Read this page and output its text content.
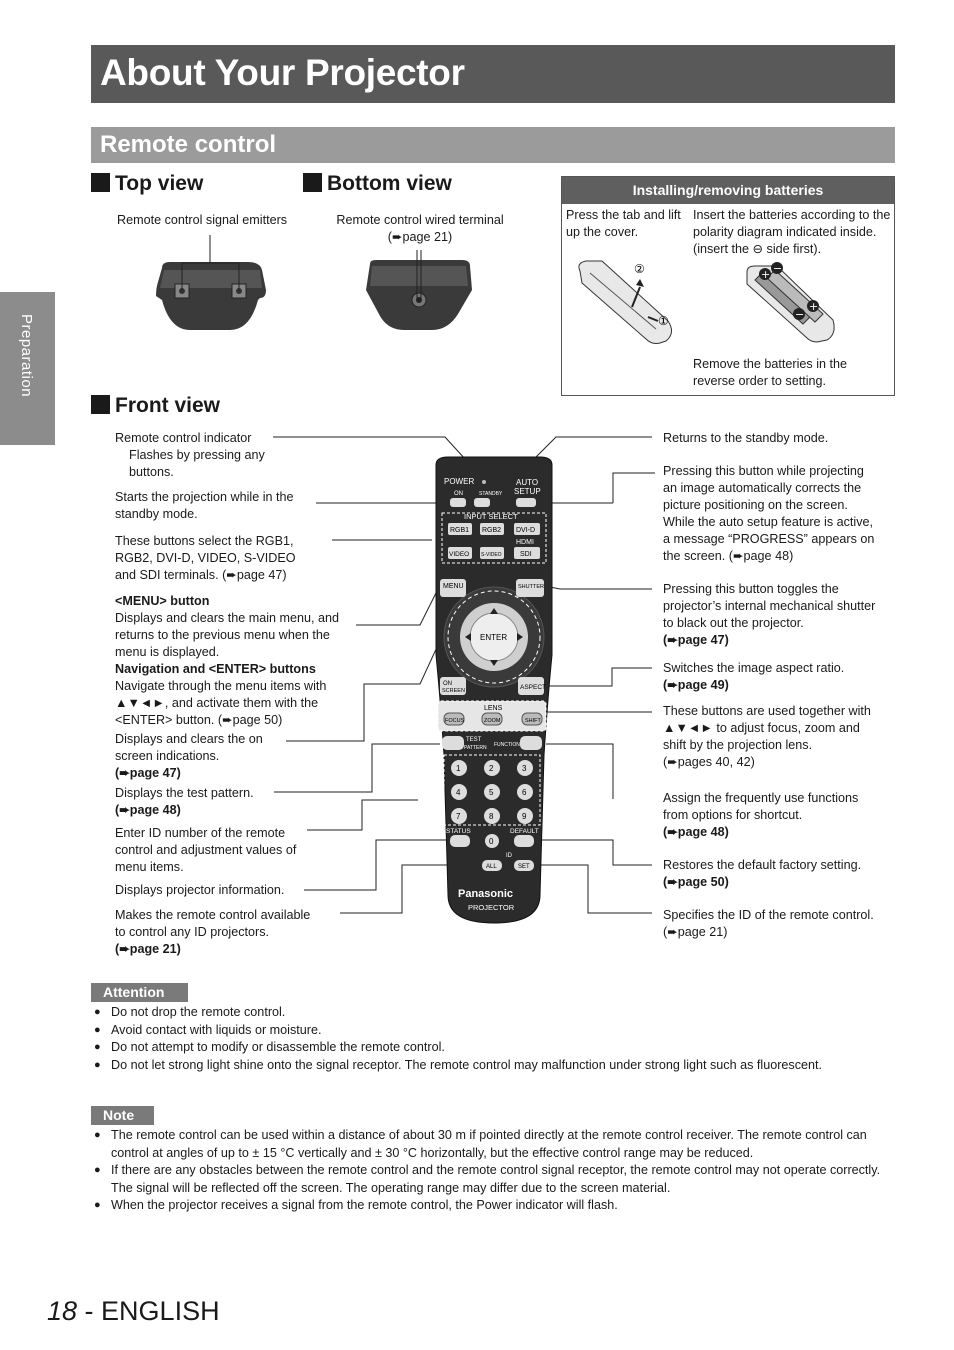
About Your Projector
Remote control
Preparation
Top view
Remote control signal emitters
Bottom view
Remote control wired terminal
(➨page 21)
Installing/removing batteries
Press the tab and lift up the cover.
Insert the batteries according to the polarity diagram indicated inside. (insert the ⊖ side first).
Remove the batteries in the reverse order to setting.
②
①
+ −
−
+
Front view
POWER
ON	STANDBY
AUTO
SETUP
INPUT SELECT
RGB1 RGB2 DVI-D
HDMI
VIDEO S-VIDEO	SDI
ENTER
MENU	SHUTTER
ON
SCREEN	ASPECT
LENS
FOCUS	ZOOM	SHIFT
TEST
PATTERN FUNCTION
1	2	3
4	5	6
7	8	9
STATUS	DEFAULT
0
ID
ALL	SET
Panasonic
PROJECTOR
Remote control indicator
Flashes by pressing any
buttons.
Starts the projection while in the
standby mode.
These buttons select the RGB1,
RGB2, DVI-D, VIDEO, S-VIDEO
and SDI terminals. (➨page 47)
<MENU> button
Displays and clears the main menu, and
returns to the previous menu when the
menu is displayed.
Navigation and <ENTER> buttons
Navigate through the menu items with
▲▼◄►, and activate them with the
<ENTER> button. (➨page 50)
Displays and clears the on
screen indications.
(➨page 47)
Displays the test pattern.
(➨page 48)
Enter ID number of the remote
control and adjustment values of
menu items.
Displays projector information.
Makes the remote control available
to control any ID projectors.
(➨page 21)
Returns to the standby mode.
Pressing this button while projecting
an image automatically corrects the
picture positioning on the screen.
While the auto setup feature is active,
a message “PROGRESS” appears on
the screen. (➨page 48)
Pressing this button toggles the
projector’s internal mechanical shutter
to black out the projector.
(➨page 47)
Switches the image aspect ratio.
(➨page 49)
These buttons are used together with
▲▼◄► to adjust focus, zoom and
shift by the projection lens.
(➨pages 40, 42)
Assign the frequently use functions
from options for shortcut.
(➨page 48)
Restores the default factory setting.
(➨page 50)
Specifies the ID of the remote control.
(➨page 21)
Attention
● Do not drop the remote control.
● Avoid contact with liquids or moisture.
● Do not attempt to modify or disassemble the remote control.
● Do not let strong light shine onto the signal receptor. The remote control may malfunction under strong light such as fluorescent.
Note
● The remote control can be used within a distance of about 30 m if pointed directly at the remote control receiver. The remote control can control at angles of up to ± 15 °C vertically and ± 30 °C horizontally, but the effective control range may be reduced.
● If there are any obstacles between the remote control and the remote control signal receptor, the remote control may not operate correctly.
The signal will be reflected off the screen. The operating range may differ due to the screen material.
● When the projector receives a signal from the remote control, the Power indicator will flash.
18 - ENGLISH
